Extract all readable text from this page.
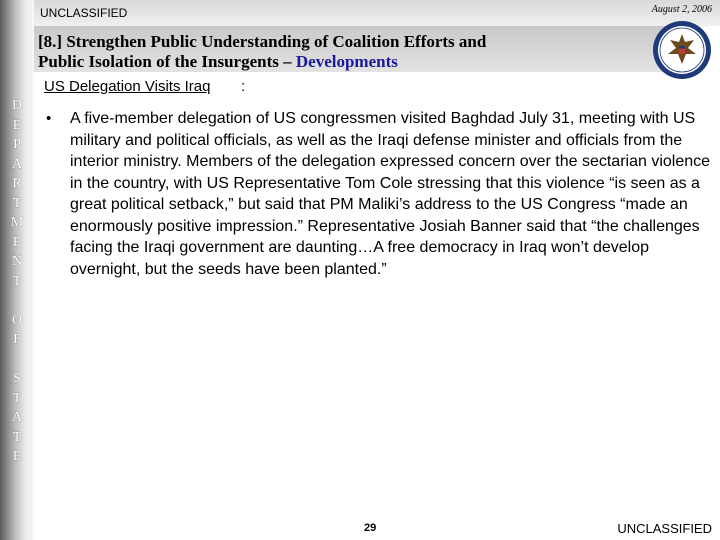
D
E
P
A
R
T
M
E
N
T
O
F
S
T
A
T
E
UNCLASSIFIED	August 2, 2006
[8.] Strengthen Public Understanding of Coalition Efforts and
Public Isolation of the Insurgents – Developments
US Delegation Visits Iraq :
• A five-member delegation of US congressmen visited Baghdad July 31, meeting with US military and political officials, as well as the Iraqi defense minister and officials from the interior ministry. Members of the delegation expressed concern over the sectarian violence in the country, with US Representative Tom Cole stressing that this violence “is seen as a great political setback,” but said that PM Maliki’s address to the US Congress “made an enormously positive impression.” Representative Josiah Banner said that “the challenges facing the Iraqi government are daunting…A free democracy in Iraq won’t develop overnight, but the seeds have been planted.”
29	UNCLASSIFIED
